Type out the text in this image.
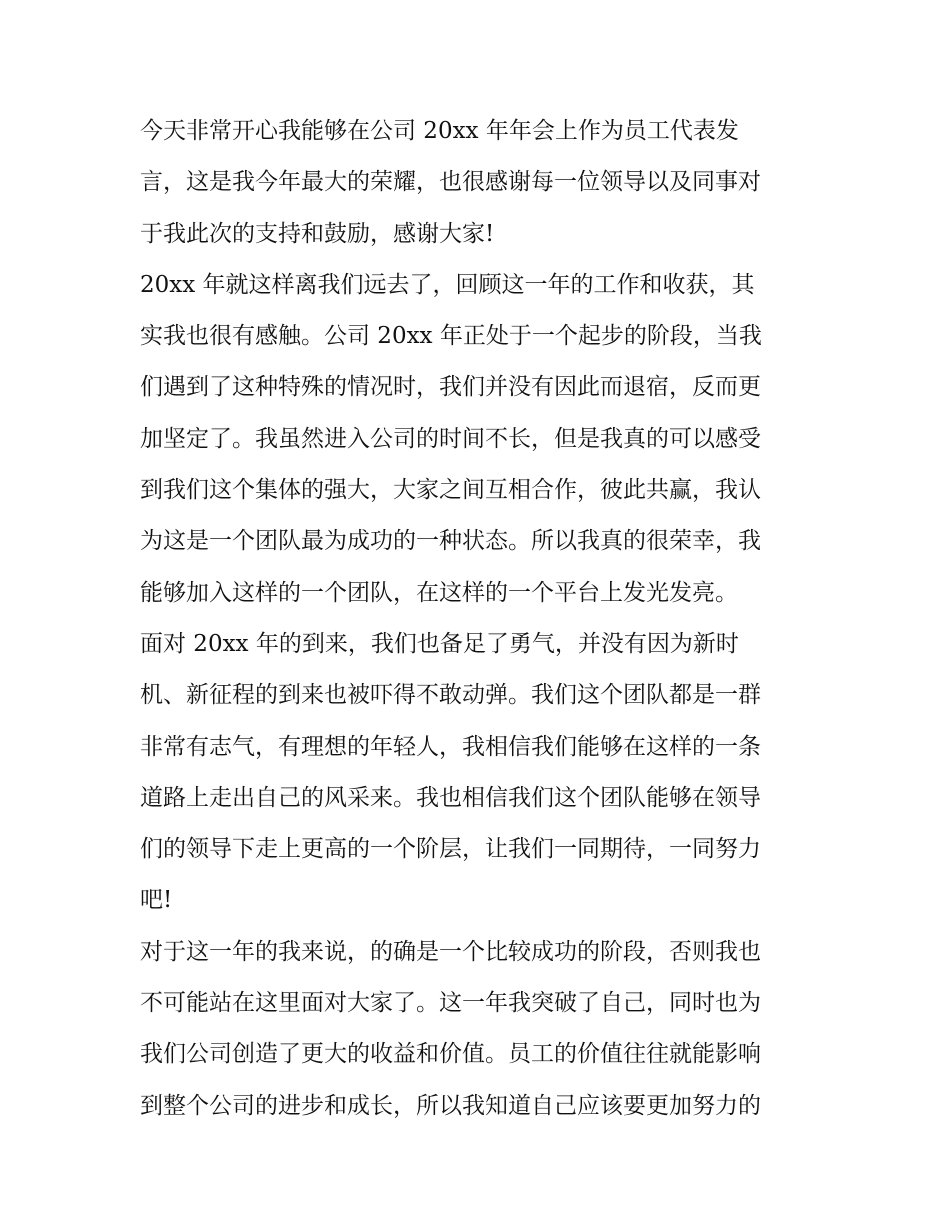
今天非常开心我能够在公司 20xx 年年会上作为员工代表发
言，这是我今年最大的荣耀，也很感谢每一位领导以及同事对
于我此次的支持和鼓励，感谢大家!
20xx 年就这样离我们远去了，回顾这一年的工作和收获，其
实我也很有感触。公司 20xx 年正处于一个起步的阶段，当我
们遇到了这种特殊的情况时，我们并没有因此而退宿，反而更
加坚定了。我虽然进入公司的时间不长，但是我真的可以感受
到我们这个集体的强大，大家之间互相合作，彼此共赢，我认
为这是一个团队最为成功的一种状态。所以我真的很荣幸，我
能够加入这样的一个团队，在这样的一个平台上发光发亮。
面对 20xx 年的到来，我们也备足了勇气，并没有因为新时
机、新征程的到来也被吓得不敢动弹。我们这个团队都是一群
非常有志气，有理想的年轻人，我相信我们能够在这样的一条
道路上走出自己的风采来。我也相信我们这个团队能够在领导
们的领导下走上更高的一个阶层，让我们一同期待，一同努力
吧!
对于这一年的我来说，的确是一个比较成功的阶段，否则我也
不可能站在这里面对大家了。这一年我突破了自己，同时也为
我们公司创造了更大的收益和价值。员工的价值往往就能影响
到整个公司的进步和成长，所以我知道自己应该要更加努力的
